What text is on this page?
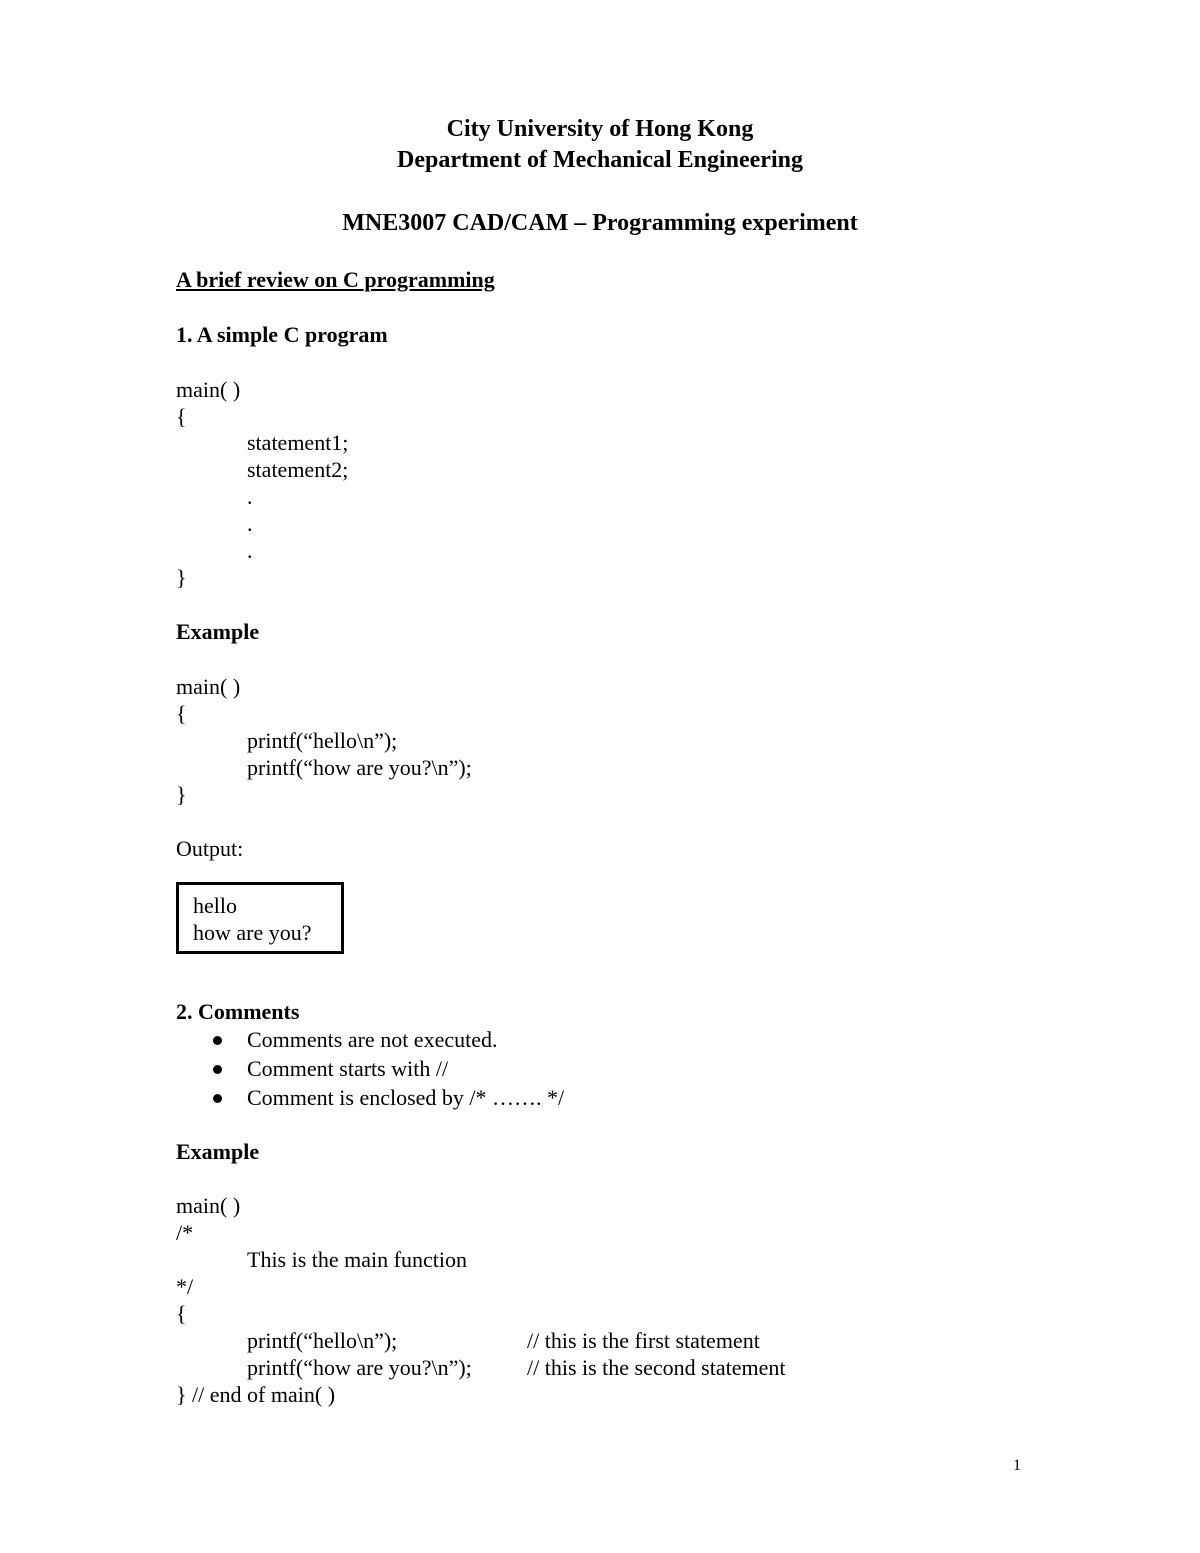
City University of Hong Kong
Department of Mechanical Engineering
MNE3007 CAD/CAM – Programming experiment
A brief review on C programming
1. A simple C program
main( )
{
statement1;
statement2;
.
.
.
}
Example
main( )
{
printf(“hello\n”);
printf(“how are you?\n”);
}
Output:
hello
how are you?
2. Comments
Comments are not executed.
Comment starts with //
Comment is enclosed by /* ……. */
Example
main( )
/*
This is the main function
*/
{
printf(“hello\n”);	// this is the first statement
printf(“how are you?\n”);	// this is the second statement
} // end of main( )
1
